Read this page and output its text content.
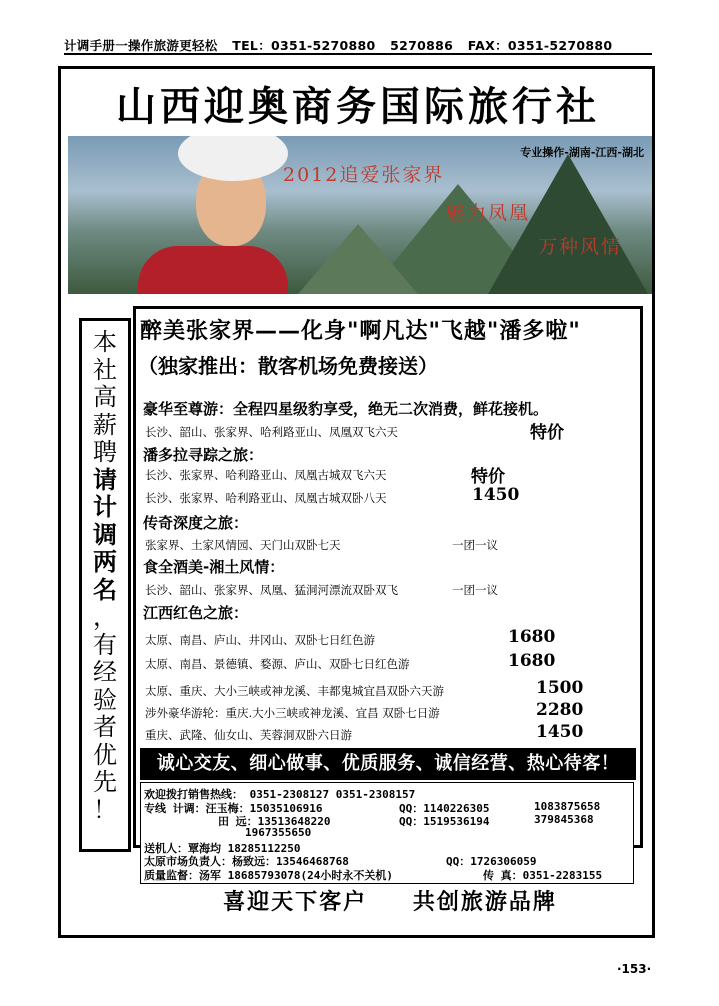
计调手册一操作旅游更轻松 TEL：0351-5270880 5270886 FAX：0351-5270880
山西迎奥商务国际旅行社
专业操作-湖南-江西-湖北
2012追爱张家界
魅力凤凰
万种风情
本
社
高
薪
聘
请
计
调
两
名
，
有
经
验
者
优
先
！
醉美张家界——化身"啊凡达"飞越"潘多啦"
（独家推出：散客机场免费接送）
豪华至尊游：全程四星级豹享受，绝无二次消费，鲜花接机。
长沙、韶山、张家界、哈利路亚山、凤凰双飞六天	特价
潘多拉寻踪之旅：
长沙、张家界、哈利路亚山、凤凰古城双飞六天	特价
长沙、张家界、哈利路亚山、凤凰古城双卧八天	1450
传奇深度之旅：
张家界、土家风情园、天门山双卧七天	一团一议
食全酒美-湘土风情：
长沙、韶山、张家界、凤凰、猛洞河漂流双卧双飞	一团一议
江西红色之旅：
太原、南昌、庐山、井冈山、双卧七日红色游	1680
太原、南昌、景德镇、婺源、庐山、双卧七日红色游	1680
太原、重庆、大小三峡或神龙溪、丰都鬼城宜昌双卧六天游	1500
涉外豪华游轮：重庆.大小三峡或神龙溪、宜昌 双卧七日游	2280
重庆、武隆、仙女山、芙蓉洞双卧六日游	1450
诚心交友、细心做事、优质服务、诚信经营、热心待客！
欢迎拨打销售热线： 0351-2308127 0351-2308157
专线 计调：汪玉梅：15035106916	QQ：1140226305	1083875658
田 远：13513648220	QQ：1519536194	379845368
1967355650
送机人：覃海均 18285112250
太原市场负责人：杨致远：13546468768	QQ：1726306059
质量监督：汤军 18685793078(24小时永不关机)	传 真：0351-2283155
喜迎天下客户 共创旅游品牌
·153·
